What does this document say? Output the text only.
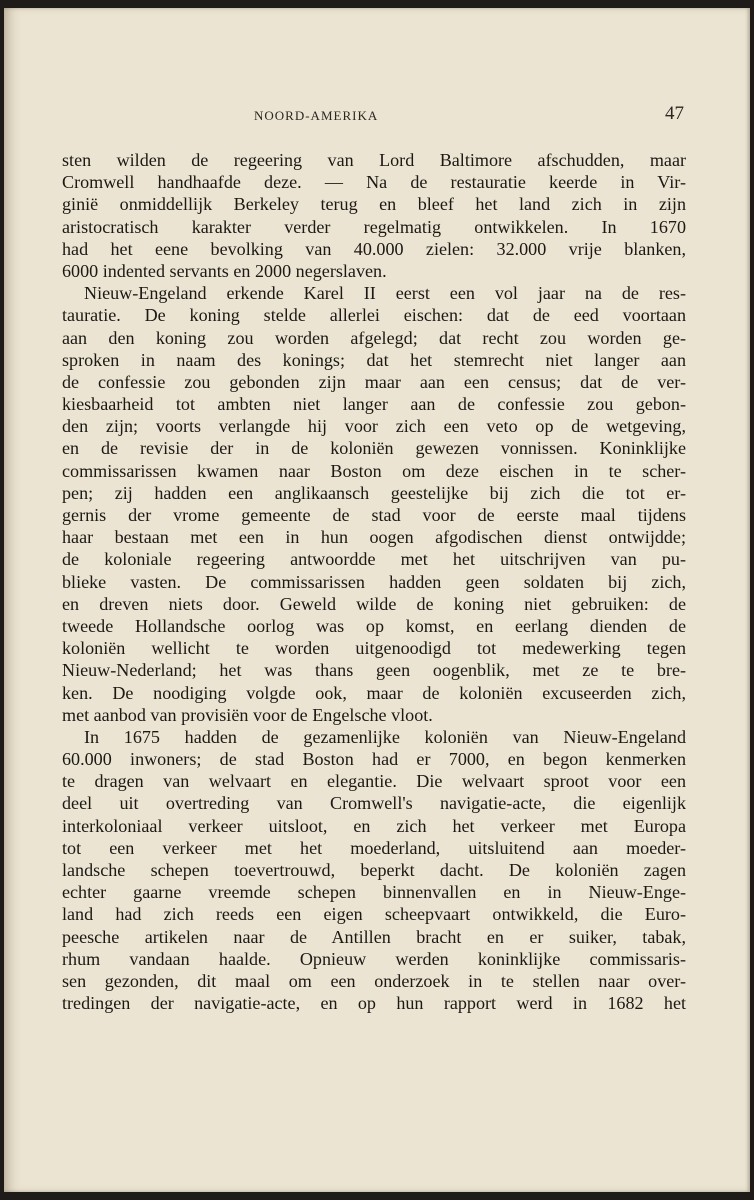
NOORD-AMERIKA	47
sten wilden de regeering van Lord Baltimore afschudden, maar
Cromwell handhaafde deze. — Na de restauratie keerde in Vir-
ginië onmiddellijk Berkeley terug en bleef het land zich in zijn
aristocratisch karakter verder regelmatig ontwikkelen. In 1670
had het eene bevolking van 40.000 zielen: 32.000 vrije blanken,
6000 indented servants en 2000 negerslaven.
Nieuw-Engeland erkende Karel II eerst een vol jaar na de res-
tauratie. De koning stelde allerlei eischen: dat de eed voortaan
aan den koning zou worden afgelegd; dat recht zou worden ge-
sproken in naam des konings; dat het stemrecht niet langer aan
de confessie zou gebonden zijn maar aan een census; dat de ver-
kiesbaarheid tot ambten niet langer aan de confessie zou gebon-
den zijn; voorts verlangde hij voor zich een veto op de wetgeving,
en de revisie der in de koloniën gewezen vonnissen. Koninklijke
commissarissen kwamen naar Boston om deze eischen in te scher-
pen; zij hadden een anglikaansch geestelijke bij zich die tot er-
gernis der vrome gemeente de stad voor de eerste maal tijdens
haar bestaan met een in hun oogen afgodischen dienst ontwijdde;
de koloniale regeering antwoordde met het uitschrijven van pu-
blieke vasten. De commissarissen hadden geen soldaten bij zich,
en dreven niets door. Geweld wilde de koning niet gebruiken: de
tweede Hollandsche oorlog was op komst, en eerlang dienden de
koloniën wellicht te worden uitgenoodigd tot medewerking tegen
Nieuw-Nederland; het was thans geen oogenblik, met ze te bre-
ken. De noodiging volgde ook, maar de koloniën excuseerden zich,
met aanbod van provisiën voor de Engelsche vloot.
In 1675 hadden de gezamenlijke koloniën van Nieuw-Engeland
60.000 inwoners; de stad Boston had er 7000, en begon kenmerken
te dragen van welvaart en elegantie. Die welvaart sproot voor een
deel uit overtreding van Cromwell's navigatie-acte, die eigenlijk
interkoloniaal verkeer uitsloot, en zich het verkeer met Europa
tot een verkeer met het moederland, uitsluitend aan moeder-
landsche schepen toevertrouwd, beperkt dacht. De koloniën zagen
echter gaarne vreemde schepen binnenvallen en in Nieuw-Enge-
land had zich reeds een eigen scheepvaart ontwikkeld, die Euro-
peesche artikelen naar de Antillen bracht en er suiker, tabak,
rhum vandaan haalde. Opnieuw werden koninklijke commissaris-
sen gezonden, dit maal om een onderzoek in te stellen naar over-
tredingen der navigatie-acte, en op hun rapport werd in 1682 het
